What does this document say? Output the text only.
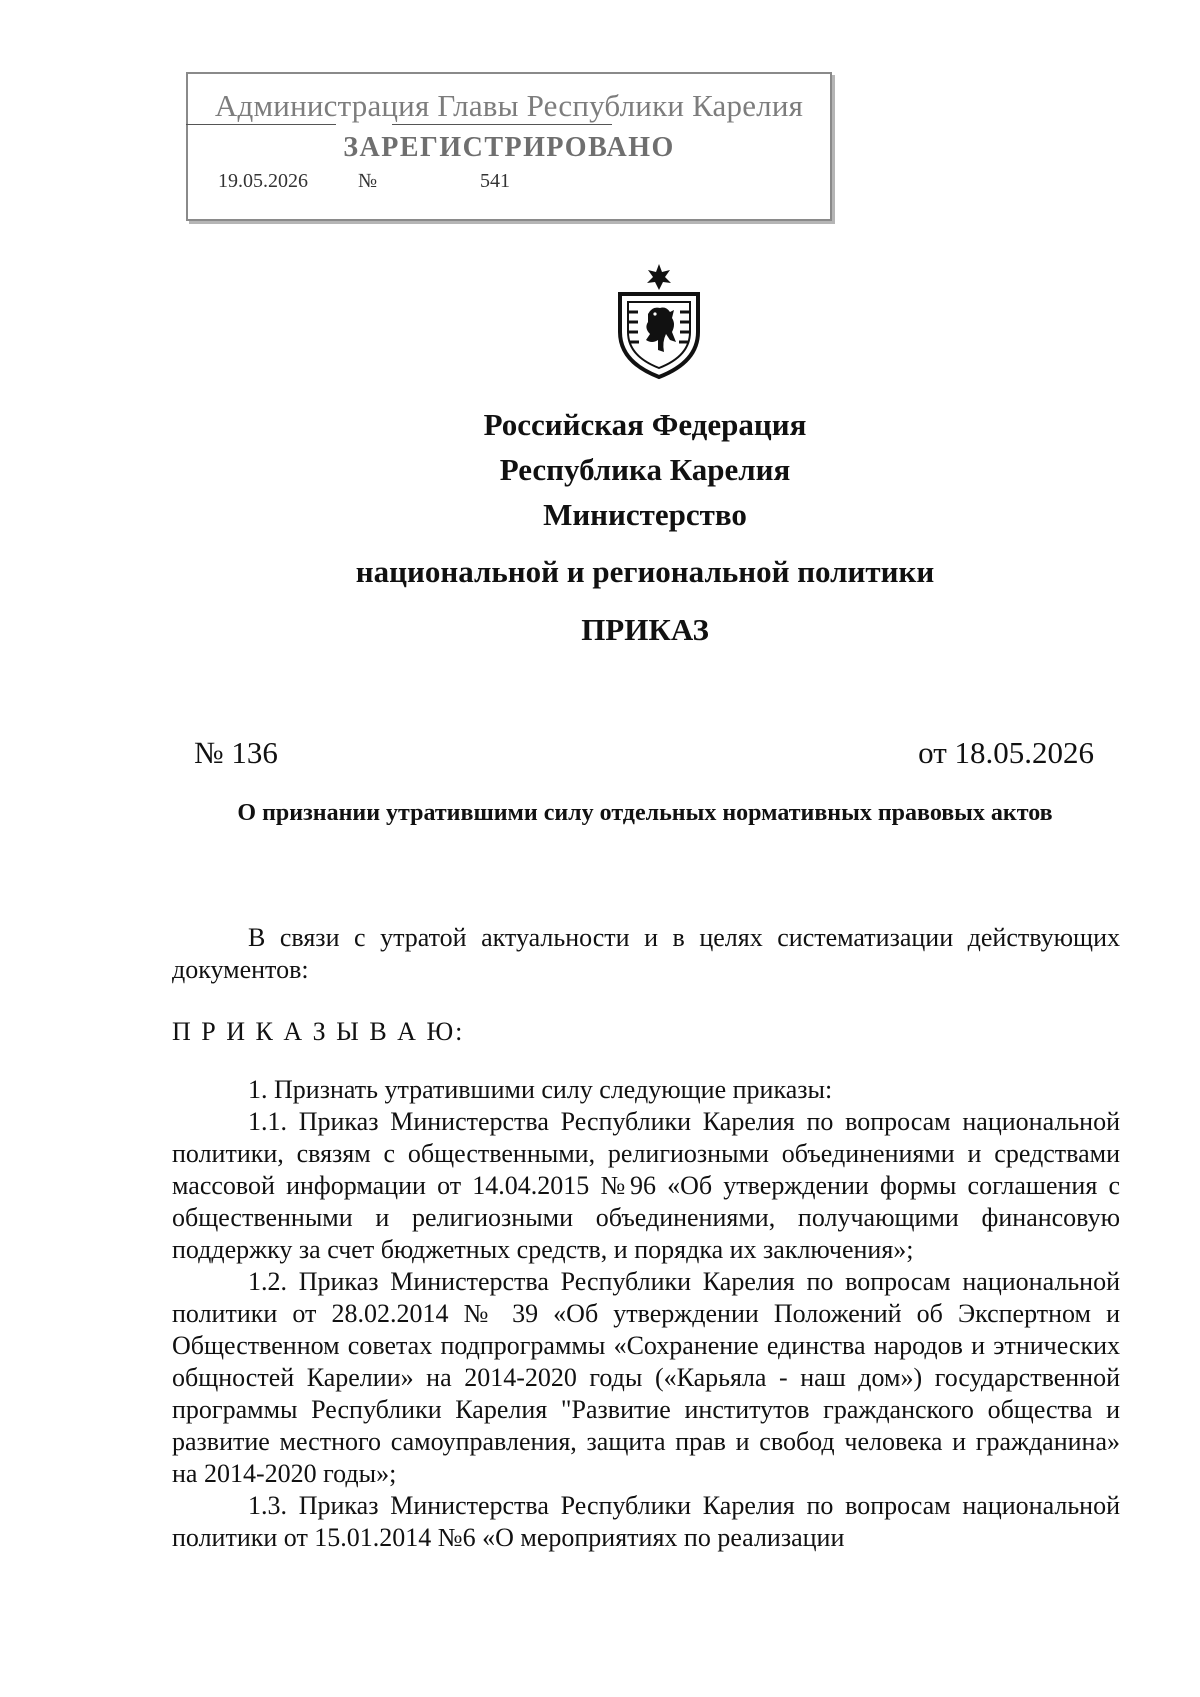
Администрация Главы Республики Карелия
ЗАРЕГИСТРИРОВАНО
19.05.2026	№	541
Российская Федерация
Республика Карелия
Министерство
национальной и региональной политики
ПРИКАЗ
№ 136	от 18.05.2026
О признании утратившими силу отдельных нормативных правовых актов
В связи с утратой актуальности и в целях систематизации действующих документов:
П Р И К А З Ы В А Ю:

1. Признать утратившими силу следующие приказы:

1.1. Приказ Министерства Республики Карелия по вопросам национальной политики, связям с общественными, религиозными объединениями и средствами массовой информации от 14.04.2015 №96 «Об утверждении формы соглашения с общественными и религиозными объединениями, получающими финансовую поддержку за счет бюджетных средств, и порядка их заключения»;

1.2. Приказ Министерства Республики Карелия по вопросам национальной политики от 28.02.2014 № 39 «Об утверждении Положений об Экспертном и Общественном советах подпрограммы «Сохранение единства народов и этнических общностей Карелии» на 2014-2020 годы («Карьяла - наш дом») государственной программы Республики Карелия "Развитие институтов гражданского общества и развитие местного самоуправления, защита прав и свобод человека и гражданина» на 2014-2020 годы»;

1.3. Приказ Министерства Республики Карелия по вопросам национальной политики от 15.01.2014 №6 «О мероприятиях по реализации
